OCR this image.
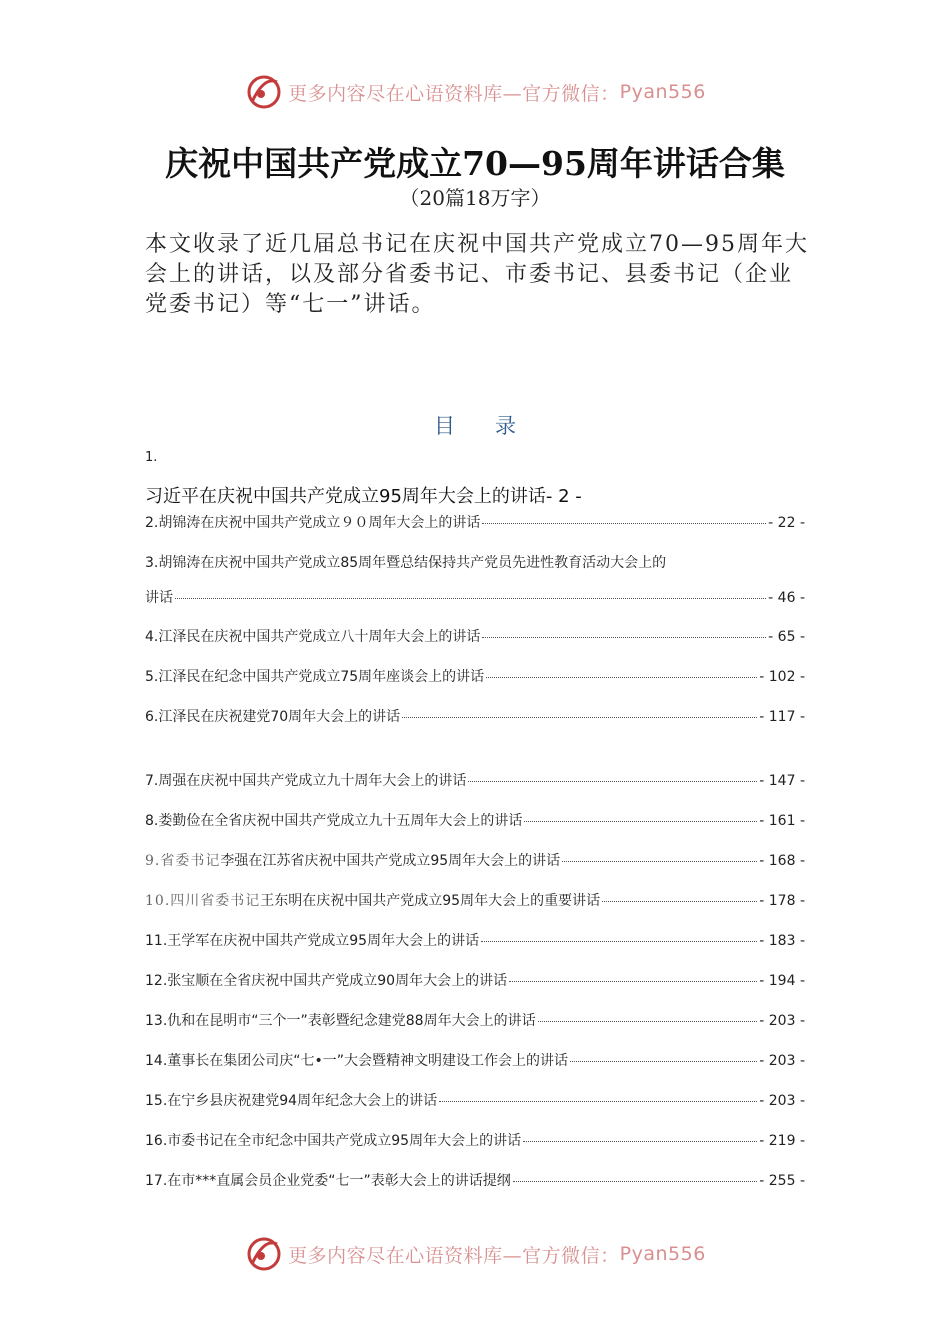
更多内容尽在心语资料库—官方微信： Pyan556
庆祝中国共产党成立70—95周年讲话合集
（20篇18万字）
本文收录了近几届总书记在庆祝中国共产党成立70—95周年大会上的讲话，以及部分省委书记、市委书记、县委书记（企业党委书记）等“七一”讲话。
目录
1.
习近平在庆祝中国共产党成立95周年大会上的讲话- 2 -
2.胡锦涛在庆祝中国共产党成立９０周年大会上的讲话	- 22 -
3.胡锦涛在庆祝中国共产党成立85周年暨总结保持共产党员先进性教育活动大会上的
讲话	- 46 -
4.江泽民在庆祝中国共产党成立八十周年大会上的讲话	- 65 -
5.江泽民在纪念中国共产党成立75周年座谈会上的讲话	- 102 -
6.江泽民在庆祝建党70周年大会上的讲话	- 117 -
7.周强在庆祝中国共产党成立九十周年大会上的讲话	- 147 -
8.娄勤俭在全省庆祝中国共产党成立九十五周年大会上的讲话	- 161 -
9.省委书记李强在江苏省庆祝中国共产党成立95周年大会上的讲话	- 168 -
10.四川省委书记王东明在庆祝中国共产党成立95周年大会上的重要讲话	- 178 -
11.王学军在庆祝中国共产党成立95周年大会上的讲话	- 183 -
12.张宝顺在全省庆祝中国共产党成立90周年大会上的讲话	- 194 -
13.仇和在昆明市“三个一”表彰暨纪念建党88周年大会上的讲话	- 203 -
14.董事长在集团公司庆“七•一”大会暨精神文明建设工作会上的讲话	- 203 -
15.在宁乡县庆祝建党94周年纪念大会上的讲话	- 203 -
16.市委书记在全市纪念中国共产党成立95周年大会上的讲话	- 219 -
17.在市***直属会员企业党委“七一”表彰大会上的讲话提纲	- 255 -
更多内容尽在心语资料库—官方微信： Pyan556
